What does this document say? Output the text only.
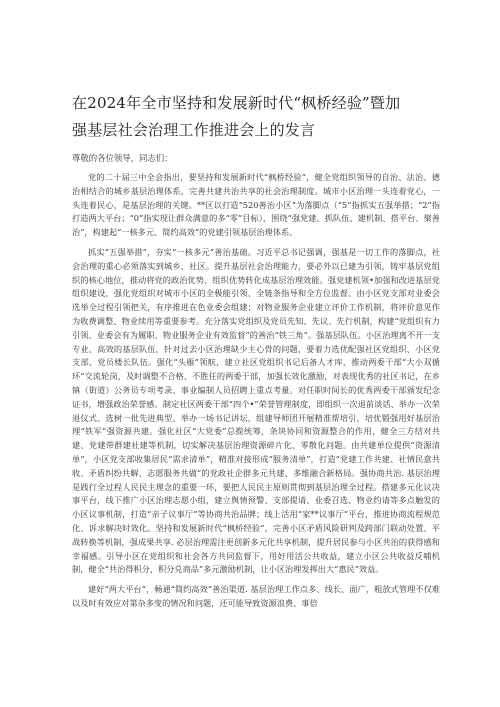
在2024年全市坚持和发展新时代“枫桥经验”暨加
强基层社会治理工作推进会上的发言

尊敬的各位领导，同志们：

党的二十届三中全会指出，要坚持和发展新时代“枫桥经验”，健全党组织领导的自治、法治、德治相结合的城乡基层治理体系，完善共建共治共享的社会治理制度。城市小区治理一头连着党心，一头连着民心，是基层治理的关键。**区以打造“520善治小区”为落脚点（“5”指抓实五强举措；“2”指打造两大平台；“0”指实现让群众满意的多“零”目标），围绕“强党建、抓队伍、建机制、搭平台、聚善治”，构建起“一核多元、简约高效”的党建引领基层治理体系。

抓实“五强举措”，夯实“一核多元”善治基础。习近平总书记强调，强基是一切工作的落脚点，社会治理的重心必须落实到城乡、社区。提升基层社会治理能力，要必外以已建为引领，铸牢基层党组织的核心地位，推动将党的政治优势、组织优势转化成基层治理效能。强党建机领•加强和改进基层党组织建设，强化党组织对城市小区的全极能引领、全链条指导和全方位监督。由小区党支部对业委会选举全过程引领把关，有序推进在色业委会组建；对物业服务企业建立评价工作机制，将评价意见作为收费调整、物业续用等重要参考。充分落实党组织及党员先知、先议、先行机制，构建“党组织有力引领、业委会有为履职、物业服务企业有效监督”的善治“铁三角”。强基层队伍。小区治理离不开一支专业、高效的基层队伍，针对过去小区治理缺少主心骨的问题，要着力选优配强社区党组织、小区党支部、党员楼长队伍。强化“头雁”领航，建立社区党组织书记后备人才库，推动两委干部“大小双循环”交流轮岗，及时调整不合格、不胜任的两委干部，加强长效化激励，对表现优秀的社区书记，在乡镇（街道）公务员专项考录、事业编制人员招聘上重点考量。对任职时间长的优秀两委干部颁发纪念证书，增强政治荣誉感。制定社区两委干部“四个•”荣誉管理制度，即组织一次退前谈话、举办一次荣退仪式、选树一批先进典型、举办一场书记讲坛，组建导师团开展精准帮培引，培优锻强用好基层治理“铁军”强资源共建。强化社区“大党委”总揽统筹，条块协同和资源整合的作用，健全三方结对共建、党建带群建社建等机制，切实解决基层治理资源碎片化、零散化问题。由共建单位提供“资源清单”，小区党支部收集居民“需求清单”，精准对接形成“服务清单”，打造“党建工作共建、社情民意共收、矛盾纠纷共解、志愿服务共做”的党政社企群多元共建、多维融合新格局。强协商共治. 基层治理是践行全过程人民民主理念的重要一环，要把人民民主原则贯彻到基层治理全过程。搭建多元化议决事平台，线下推广小区治理志愿小组，建立舆情预警、支部提请、业委召选、物业约请等多点触发的小区议事机制，打造“亲子议事厅”等协商共治品牌；线上活用“家**议事厅”平台，推进协商流程规范化、诉求解决时效化。坚持和发展新时代“枫桥经验”，完善小区矛盾风险研判及跨部门联动处置、平战转换等机制，强成果共享. 必层治理需注更创新多元化共享机制，提升居民参与小区共治的获得感和幸福感。引导小区在党组织和社会各方共同监督下，用好用活公共收益，建立小区公共收益反哺机制，健全“共治得积分，积分兑商品”多元激励机制，让小区治理发挥出大“惠民”效益。

建好“两大平台”，畅通“简约高效”善治渠道. 基层治理工作点多、线长、面广，粗放式管理不仅难以及时有效应对第杂多变的情况和问题，还可能导致资源浪费、事倍
